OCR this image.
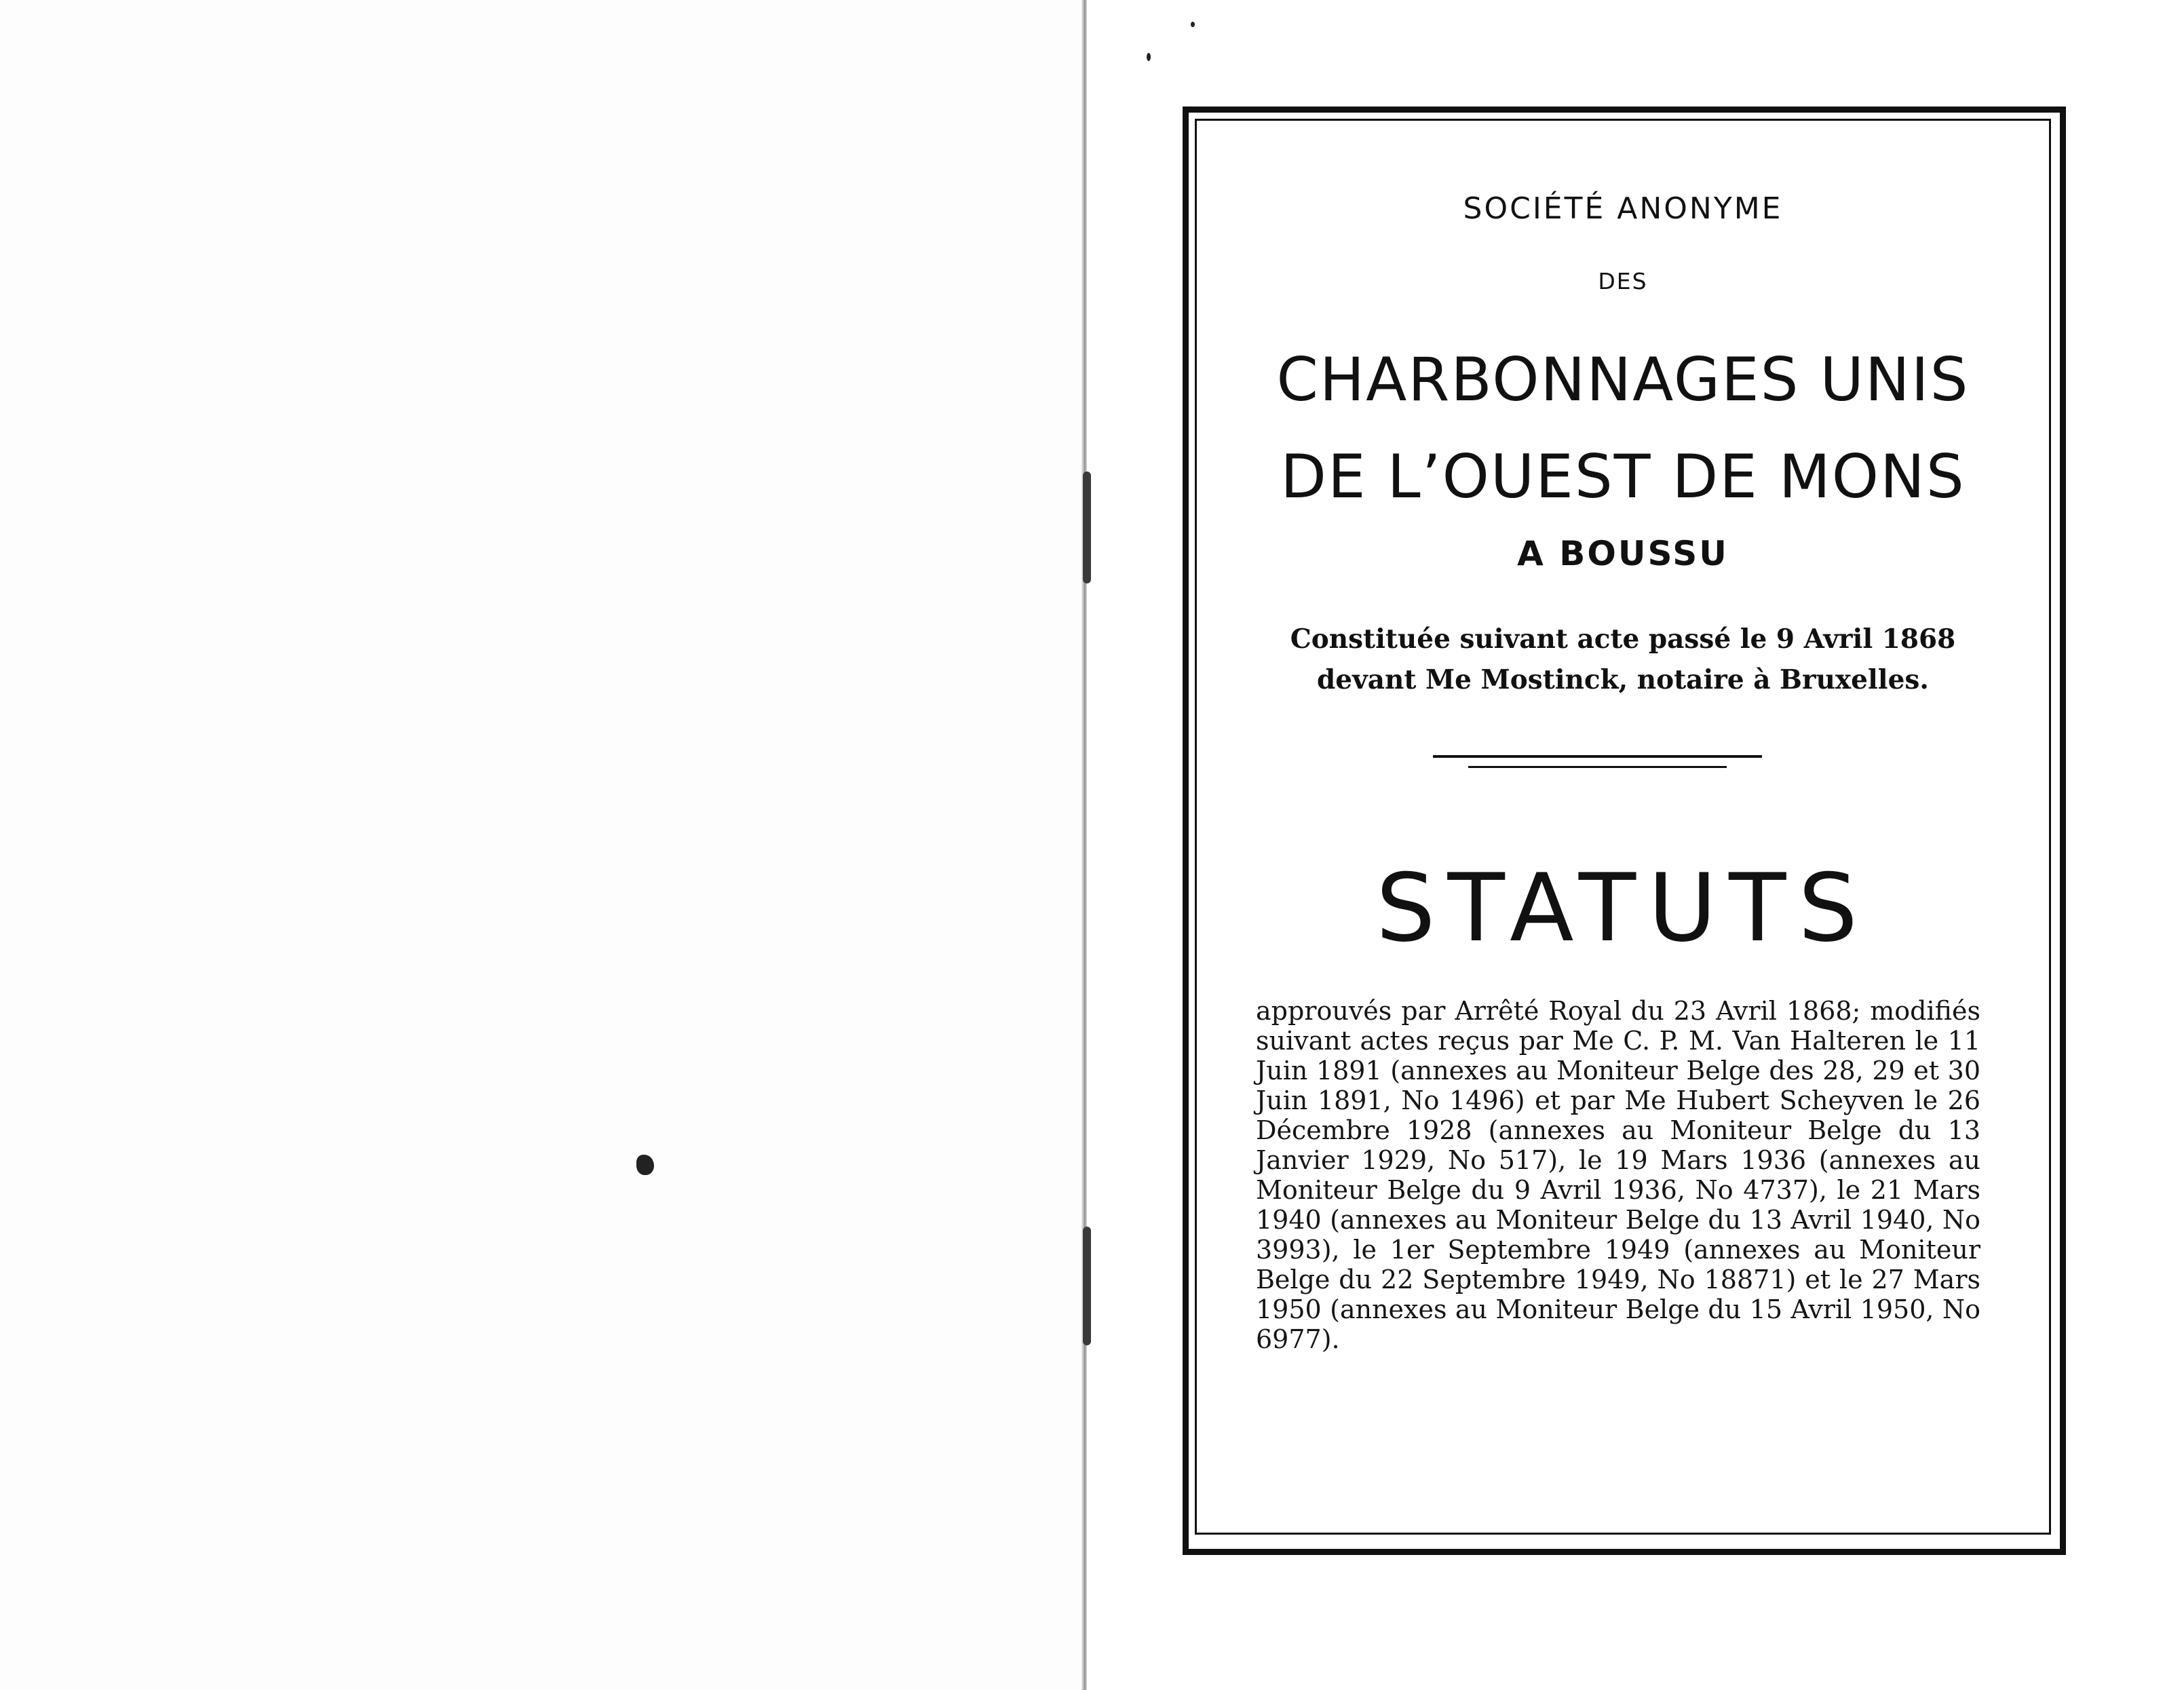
SOCIÉTÉ ANONYME
DES
CHARBONNAGES UNIS
DE L’OUEST DE MONS
A BOUSSU
Constituée suivant acte passé le 9 Avril 1868
devant Me Mostinck, notaire à Bruxelles.
STATUTS
approuvés par Arrêté Royal du 23 Avril 1868; modifiés suivant actes reçus par Me C. P. M. Van Halteren le 11 Juin 1891 (annexes au Moniteur Belge des 28, 29 et 30 Juin 1891, No 1496) et par Me Hubert Scheyven le 26 Décembre 1928 (annexes au Moniteur Belge du 13 Janvier 1929, No 517), le 19 Mars 1936 (annexes au Moniteur Belge du 9 Avril 1936, No 4737), le 21 Mars 1940 (annexes au Moniteur Belge du 13 Avril 1940, No 3993), le 1er Septembre 1949 (annexes au Moniteur Belge du 22 Septembre 1949, No 18871) et le 27 Mars 1950 (annexes au Moniteur Belge du 15 Avril 1950, No 6977).
